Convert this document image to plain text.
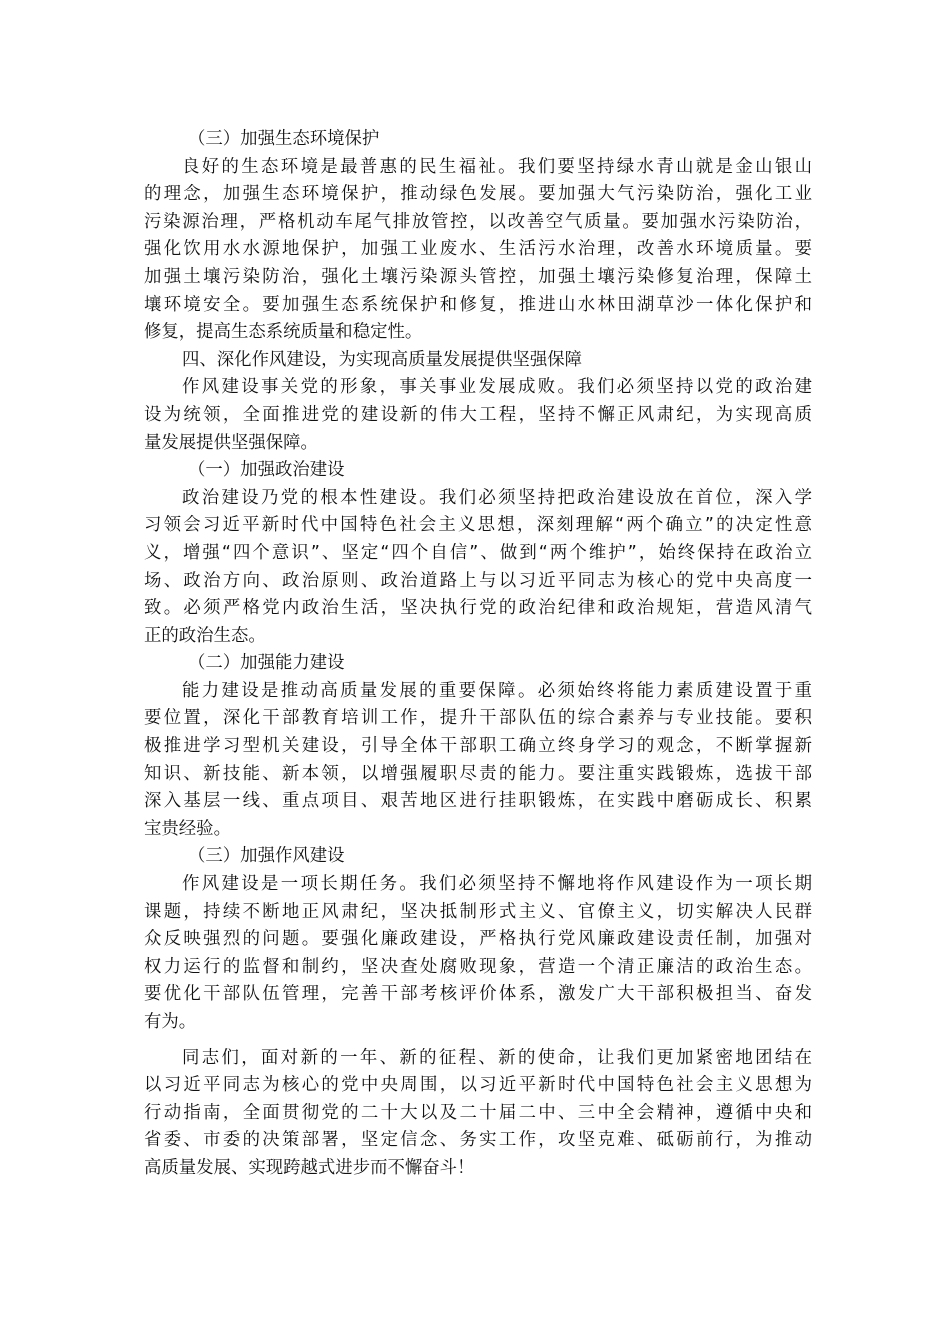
（三）加强生态环境保护
良好的生态环境是最普惠的民生福祉。我们要坚持绿水青山就是金山银山
的理念，加强生态环境保护，推动绿色发展。要加强大气污染防治，强化工业
污染源治理，严格机动车尾气排放管控，以改善空气质量。要加强水污染防治，
强化饮用水水源地保护，加强工业废水、生活污水治理，改善水环境质量。要
加强土壤污染防治，强化土壤污染源头管控，加强土壤污染修复治理，保障土
壤环境安全。要加强生态系统保护和修复，推进山水林田湖草沙一体化保护和
修复，提高生态系统质量和稳定性。
四、深化作风建设，为实现高质量发展提供坚强保障
作风建设事关党的形象，事关事业发展成败。我们必须坚持以党的政治建
设为统领，全面推进党的建设新的伟大工程，坚持不懈正风肃纪，为实现高质
量发展提供坚强保障。
（一）加强政治建设
政治建设乃党的根本性建设。我们必须坚持把政治建设放在首位，深入学
习领会习近平新时代中国特色社会主义思想，深刻理解“两个确立”的决定性意
义，增强“四个意识”、坚定“四个自信”、做到“两个维护”，始终保持在政治立
场、政治方向、政治原则、政治道路上与以习近平同志为核心的党中央高度一
致。必须严格党内政治生活，坚决执行党的政治纪律和政治规矩，营造风清气
正的政治生态。
（二）加强能力建设
能力建设是推动高质量发展的重要保障。必须始终将能力素质建设置于重
要位置，深化干部教育培训工作，提升干部队伍的综合素养与专业技能。要积
极推进学习型机关建设，引导全体干部职工确立终身学习的观念，不断掌握新
知识、新技能、新本领，以增强履职尽责的能力。要注重实践锻炼，选拔干部
深入基层一线、重点项目、艰苦地区进行挂职锻炼，在实践中磨砺成长、积累
宝贵经验。
（三）加强作风建设
作风建设是一项长期任务。我们必须坚持不懈地将作风建设作为一项长期
课题，持续不断地正风肃纪，坚决抵制形式主义、官僚主义，切实解决人民群
众反映强烈的问题。要强化廉政建设，严格执行党风廉政建设责任制，加强对
权力运行的监督和制约，坚决查处腐败现象，营造一个清正廉洁的政治生态。
要优化干部队伍管理，完善干部考核评价体系，激发广大干部积极担当、奋发
有为。
同志们，面对新的一年、新的征程、新的使命，让我们更加紧密地团结在
以习近平同志为核心的党中央周围，以习近平新时代中国特色社会主义思想为
行动指南，全面贯彻党的二十大以及二十届二中、三中全会精神，遵循中央和
省委、市委的决策部署，坚定信念、务实工作，攻坚克难、砥砺前行，为推动
高质量发展、实现跨越式进步而不懈奋斗！
